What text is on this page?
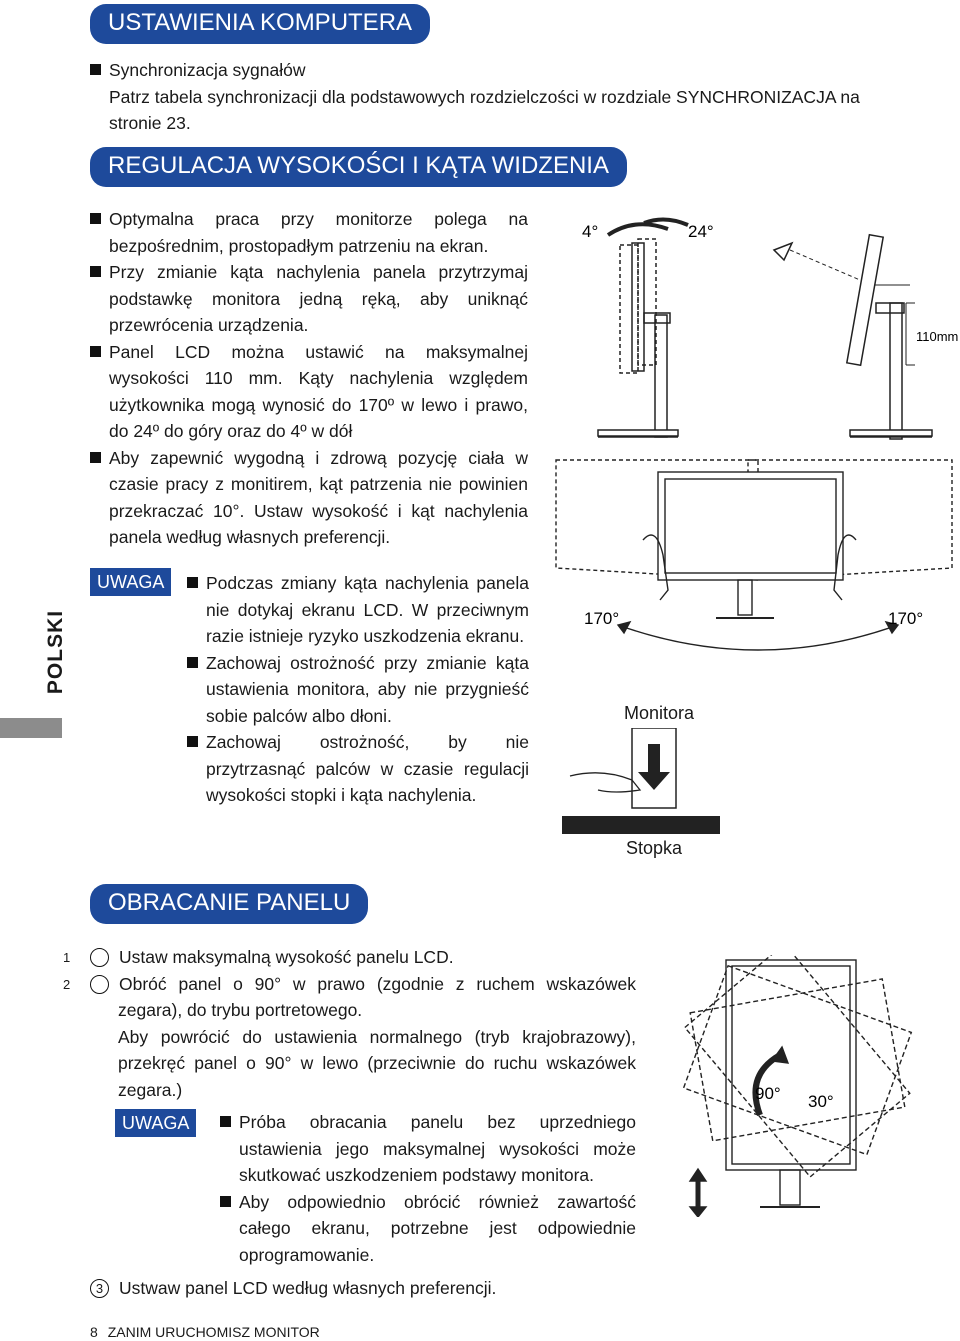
USTAWIENIA KOMPUTERA

Synchronizacja sygnałów

Patrz tabela synchronizacji dla podstawowych rozdzielczości w rozdziale SYNCHRONIZACJA na stronie 23.

REGULACJA WYSOKOŚCI I KĄTA WIDZENIA

Optymalna praca przy monitorze polega na bezpośrednim, prostopadłym patrzeniu na ekran.

Przy zmianie kąta nachylenia panela przytrzymaj podstawkę monitora jedną ręką, aby uniknąć przewrócenia urządzenia.

Panel LCD można ustawić na maksymalnej wysokości 110 mm. Kąty nachylenia względem użytkownika mogą wynosić do 170º w lewo i prawo, do 24º do góry oraz do 4º w dół

Aby zapewnić wygodną i zdrową pozycję ciała w czasie pracy z monitirem, kąt patrzenia nie powinien przekraczać 10°. Ustaw wysokość i kąt nachylenia panela według własnych preferencji.

UWAGA	Podczas zmiany kąta nachylenia panela nie dotykaj ekranu LCD. W przeciwnym razie istnieje ryzyko uszkodzenia ekranu.

Zachowaj ostrożność przy zmianie kąta ustawienia monitora, aby nie przygnieść sobie palców albo dłoni.

Zachowaj ostrożność, by nie przytrzasnąć palców w czasie regulacji wysokości stopki i kąta nachylenia.

POLSKI
4°	24°
110mm
170°	170°
Monitora
Stopka
OBRACANIE PANELU

1	Ustaw maksymalną wysokość panelu LCD.

2	Obróć panel o 90° w prawo (zgodnie z ruchem wskazówek zegara), do trybu portretowego.

Aby powrócić do ustawienia normalnego (tryb krajobrazowy), przekręć panel o 90° w lewo (przeciwnie do ruchu wskazówek zegara.)

UWAGA	Próba obracania panelu bez uprzedniego ustawienia jego maksymalnej wysokości może skutkować uszkodzeniem podstawy monitora.

Aby odpowiednio obrócić również zawartość całego ekranu, potrzebne jest odpowiednie oprogramowanie.

3 Ustwaw panel LCD według własnych preferencji.

90° 30°
8 ZANIM URUCHOMISZ MONITOR
